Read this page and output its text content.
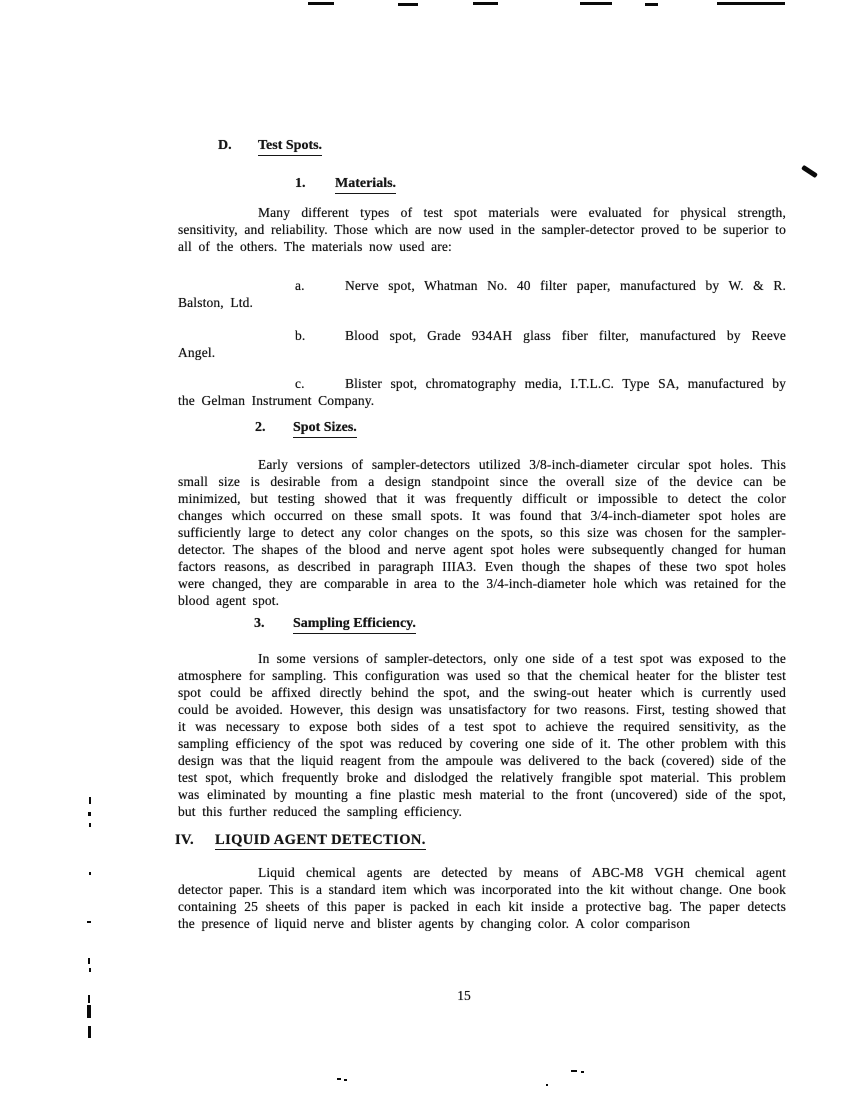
D. Test Spots.
1. Materials.

Many different types of test spot materials were evaluated for physical strength, sensitivity, and reliability. Those which are now used in the sampler-detector proved to be superior to all of the others. The materials now used are:

a.	Nerve spot, Whatman No. 40 filter paper, manufactured by W. & R. Balston, Ltd.

b.	Blood spot, Grade 934AH glass fiber filter, manufactured by Reeve Angel.

c.	Blister spot, chromatography media, I.T.L.C. Type SA, manufactured by the Gelman Instrument Company.

2. Spot Sizes.

Early versions of sampler-detectors utilized 3/8-inch-diameter circular spot holes. This small size is desirable from a design standpoint since the overall size of the device can be minimized, but testing showed that it was frequently difficult or impossible to detect the color changes which occurred on these small spots. It was found that 3/4-inch-diameter spot holes are sufficiently large to detect any color changes on the spots, so this size was chosen for the sampler-detector. The shapes of the blood and nerve agent spot holes were subsequently changed for human factors reasons, as described in paragraph IIIA3. Even though the shapes of these two spot holes were changed, they are comparable in area to the 3/4-inch-diameter hole which was retained for the blood agent spot.

3. Sampling Efficiency.

In some versions of sampler-detectors, only one side of a test spot was exposed to the atmosphere for sampling. This configuration was used so that the chemical heater for the blister test spot could be affixed directly behind the spot, and the swing-out heater which is currently used could be avoided. However, this design was unsatisfactory for two reasons. First, testing showed that it was necessary to expose both sides of a test spot to achieve the required sensitivity, as the sampling efficiency of the spot was reduced by covering one side of it. The other problem with this design was that the liquid reagent from the ampoule was delivered to the back (covered) side of the test spot, which frequently broke and dislodged the relatively frangible spot material. This problem was eliminated by mounting a fine plastic mesh material to the front (uncovered) side of the spot, but this further reduced the sampling efficiency.

IV. LIQUID AGENT DETECTION.

Liquid chemical agents are detected by means of ABC-M8 VGH chemical agent detector paper. This is a standard item which was incorporated into the kit without change. One book containing 25 sheets of this paper is packed in each kit inside a protective bag. The paper detects the presence of liquid nerve and blister agents by changing color. A color comparison

15
